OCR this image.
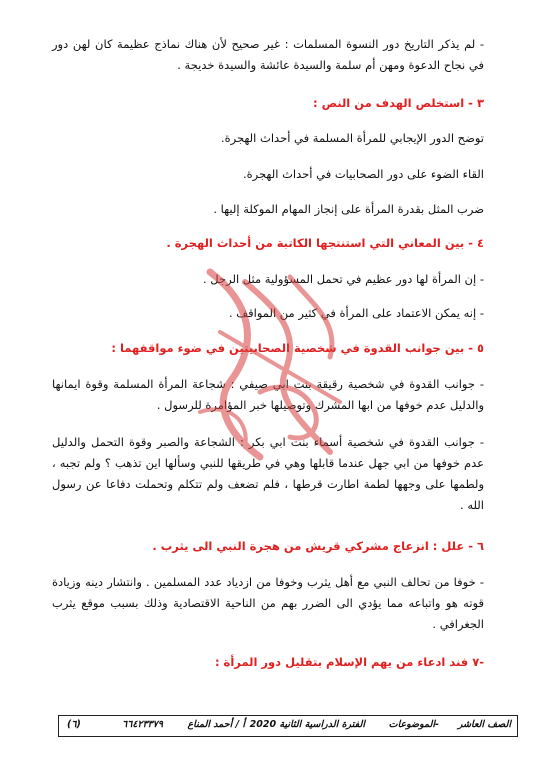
- لم يذكر التاريخ دور النسوة المسلمات : غير صحيح لأن هناك نماذج عظيمة كان لهن دور في نجاح الدعوة ومهن أم سلمة والسيدة عائشة والسيدة خديجة .

٣ - استخلص الهدف من النص :

توضح الدور الإيجابي للمرأة المسلمة في أحداث الهجرة.

القاء الضوء على دور الصحابيات في أحداث الهجرة.

ضرب المثل بقدرة المرأة على إنجاز المهام الموكلة إليها .

٤ - بين المعاني التي استنتجها الكاتبة من أحداث الهجرة .

- إن المرأة لها دور عظيم في تحمل المسؤولية مثل الرجل .

- إنه يمكن الاعتماد على المرأة في كثير من المواقف .

٥ - بين جوانب القدوة في شخصية الصحابيتين في ضوء مواقفهما :

- جوانب القدوة في شخصية رقيقة بنت ابي صيفي : شجاعة المرأة المسلمة وقوة ايمانها والدليل عدم خوفها من ابها المشرك وتوصيلها خبر المؤامرة للرسول .

- جوانب القدوة في شخصية أسماء بنت ابي بكر : الشجاعة والصبر وقوة التحمل والدليل عدم خوفها من ابي جهل عندما قابلها وهي في طريقها للنبي وسألها اين تذهب ؟ ولم تجبه ، ولطمها على وجهها لطمة اطارت قرطها ، فلم تضعف ولم تتكلم وتحملت دفاعا عن رسول الله .

٦ - علل : انزعاج مشركي قريش من هجرة النبي الى يثرب .

- خوفا من تحالف النبي مع أهل يثرب وخوفا من ازدياد عدد المسلمين . وانتشار دينه وزيادة قوته هو واتباعه مما يؤدي الى الضرر بهم من الناحية الاقتصادية وذلك بسبب موقع يثرب الجغرافي .

-٧ فند ادعاء من يهم الإسلام بتقليل دور المرأة :

الصف العاشر
-الموضوعات
الفترة الدراسية الثانية 2020
أ / أحمد المناع
٦٦٤٢٣٣٧٩
(٦)
